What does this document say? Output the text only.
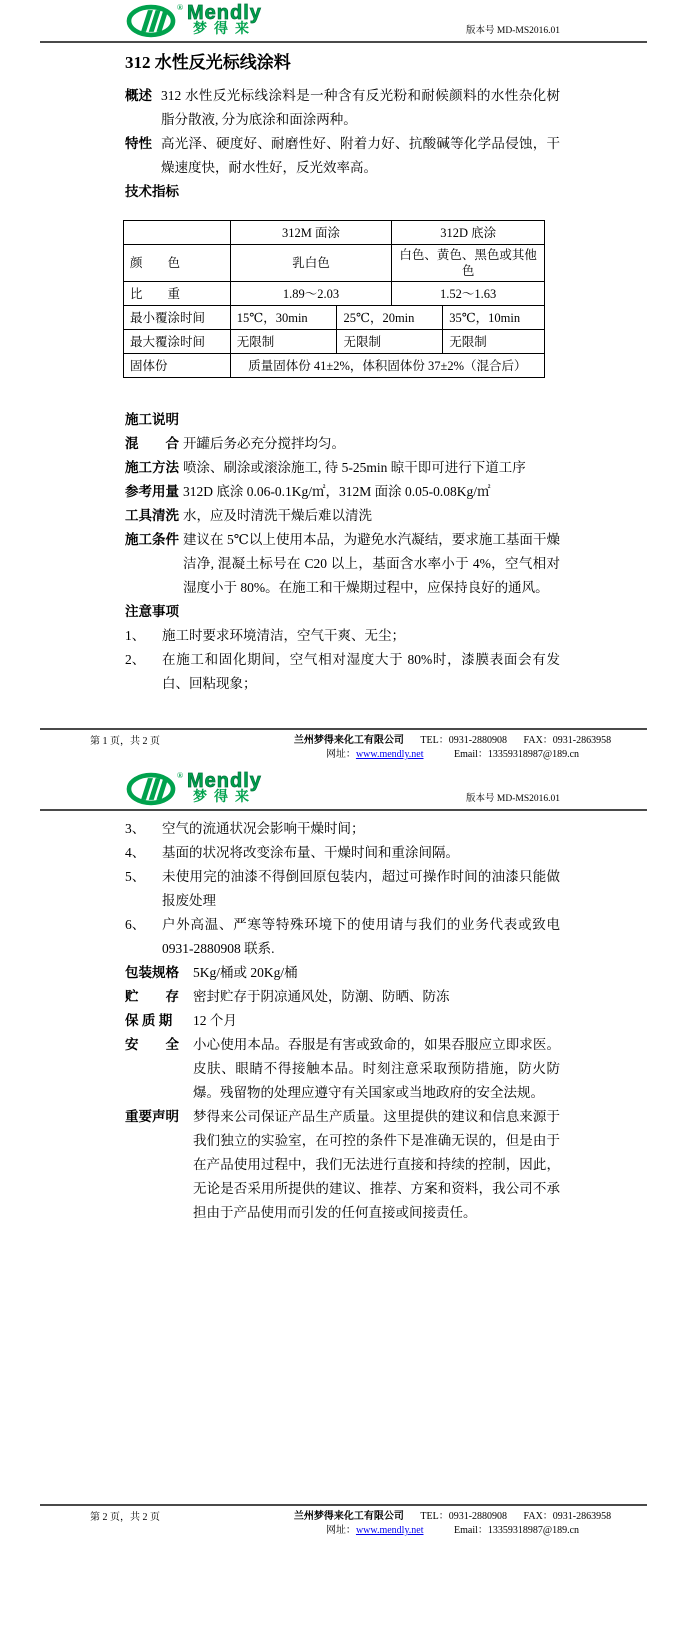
® Mendly
梦得来	版本号 MD-MS2016.01
312 水性反光标线涂料
概述 312 水性反光标线涂料是一种含有反光粉和耐候颜料的水性杂化树脂分散液, 分为底涂和面涂两种。
特性 高光泽、硬度好、耐磨性好、附着力好、抗酸碱等化学品侵蚀，干燥速度快，耐水性好，反光效率高。
技术指标
	312M 面涂		312D 底涂	
颜　　色	乳白色		白色、黄色、黑色或其他色	
比　　重	1.89～2.03		1.52～1.63	
最小覆涂时间	15℃，30min	25℃，20min		35℃，10min
最大覆涂时间	无限制	无限制		无限制
固体份	质量固体份 41±2%，体积固体份 37±2%（混合后）			
施工说明
混　　合 开罐后务必充分搅拌均匀。
施工方法 喷涂、刷涂或滚涂施工, 待 5-25min 晾干即可进行下道工序
参考用量 312D 底涂 0.06-0.1Kg/㎡，312M 面涂 0.05-0.08Kg/㎡
工具清洗 水，应及时清洗干燥后难以清洗
施工条件 建议在 5℃以上使用本品，为避免水汽凝结，要求施工基面干燥洁净, 混凝土标号在 C20 以上，基面含水率小于 4%，空气相对湿度小于 80%。在施工和干燥期过程中，应保持良好的通风。
注意事项
1、	施工时要求环境清洁，空气干爽、无尘；
2、	在施工和固化期间，空气相对湿度大于 80%时，漆膜表面会有发白、回粘现象；
第 1 页，共 2 页	兰州梦得来化工有限公司 TEL：0931-2880908 FAX：0931-2863958
网址：www.mendly.net	Email：13359318987@189.cn
® Mendly
梦得来	版本号 MD-MS2016.01
3、	空气的流通状况会影响干燥时间；
4、	基面的状况将改变涂布量、干燥时间和重涂间隔。
5、	未使用完的油漆不得倒回原包装内，超过可操作时间的油漆只能做报废处理
6、	户外高温、严寒等特殊环境下的使用请与我们的业务代表或致电 0931-2880908 联系.
包装规格	5Kg/桶或 20Kg/桶
贮　　存	密封贮存于阴凉通风处，防潮、防晒、防冻
保 质 期	12 个月
安　　全	小心使用本品。吞服是有害或致命的，如果吞服应立即求医。皮肤、眼睛不得接触本品。时刻注意采取预防措施，防火防爆。残留物的处理应遵守有关国家或当地政府的安全法规。
重要声明	梦得来公司保证产品生产质量。这里提供的建议和信息来源于我们独立的实验室，在可控的条件下是准确无误的，但是由于在产品使用过程中，我们无法进行直接和持续的控制，因此，无论是否采用所提供的建议、推荐、方案和资料，我公司不承担由于产品使用而引发的任何直接或间接责任。
第 2 页，共 2 页	兰州梦得来化工有限公司 TEL：0931-2880908 FAX：0931-2863958
网址：www.mendly.net	Email：13359318987@189.cn
